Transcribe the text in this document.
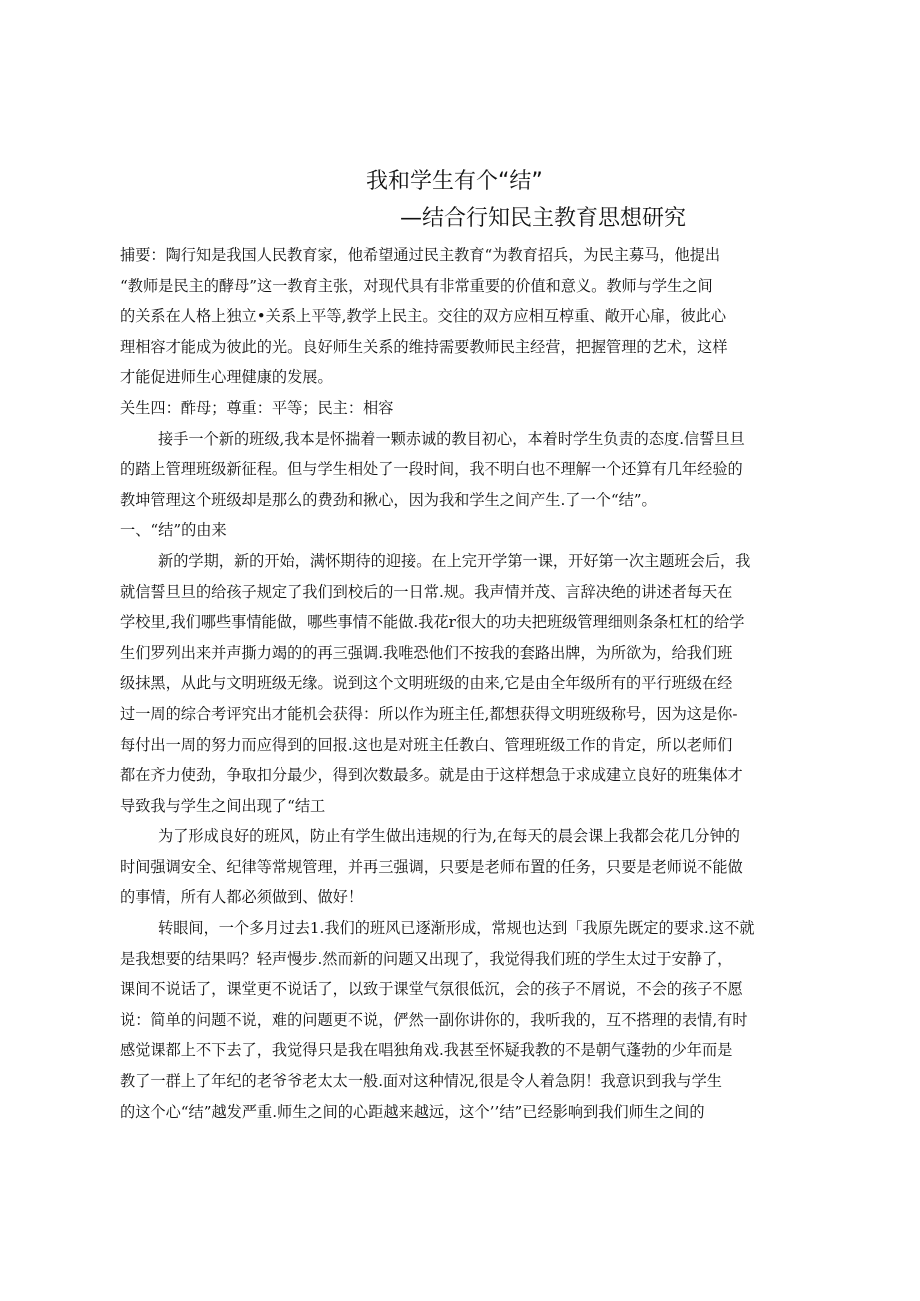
我和学生有个“结”
—结合行知民主教育思想研究
捕要：陶行知是我国人民教育家，他希望通过民主教育“为教育招兵，为民主募马，他提出
“教师是民主的酵母”这一教育主张，对现代具有非常重要的价值和意义。教师与学生之间
的关系在人格上独立•关系上平等,教学上民主。交往的双方应相互椁重、敞开心扉，彼此心
理相容才能成为彼此的光。良好师生关系的维持需要教师民主经营，把握管理的艺术，这样
才能促进师生心理健康的发展。
关生四：酢母；尊重：平等；民主：相容
接手一个新的班级,我本是怀揣着一颗赤诚的教目初心，本着时学生负责的态度.信誓旦旦
的踏上管理班级新征程。但与学生相处了一段时间，我不明白也不理解一个还算有几年经验的
教坤管理这个班级却是那么的费劲和揪心，因为我和学生之间产生.了一个“结”。
一、“结”的由来
新的学期，新的开始，满怀期待的迎接。在上完开学第一课，开好第一次主题班会后，我
就信誓旦旦的给孩子规定了我们到校后的一日常.规。我声情并茂、言辞决绝的讲述者每天在
学校里,我们哪些事情能做，哪些事情不能做.我花r很大的功夫把班级管理细则条条杠杠的给学
生们罗列出来并声撕力竭的的再三强调.我唯恐他们不按我的套路出牌，为所欲为，给我们班
级抹黑，从此与文明班级无缘。说到这个文明班级的由来,它是由全年级所有的平行班级在经
过一周的综合考评究出才能机会获得：所以作为班主任,都想获得文明班级称号，因为这是你-
每付出一周的努力而应得到的回报.这也是对班主任教白、管理班级工作的肯定，所以老师们
都在齐力使劲，争取扣分最少，得到次数最多。就是由于这样想急于求成建立良好的班集体才
导致我与学生之间出现了“结工
为了形成良好的班风，防止有学生做出违规的行为,在每天的晨会课上我都会花几分钟的
时间强调安全、纪律等常规管理，并再三强调，只要是老师布置的任务，只要是老师说不能做
的事情，所有人都必须做到、做好！
转眼间，一个多月过去1.我们的班风已逐渐形成，常规也达到「我原先既定的要求.这不就
是我想要的结果吗？轻声慢步.然而新的问题又出现了，我觉得我们班的学生太过于安静了，
课间不说话了，课堂更不说话了，以致于课堂气氛很低沉，会的孩子不屑说，不会的孩子不愿
说：简单的问题不说，难的问题更不说，俨然一副你讲你的，我听我的，互不搭理的表情,有时
感觉课都上不下去了，我觉得只是我在唱独角戏.我甚至怀疑我教的不是朝气蓬勃的少年而是
教了一群上了年纪的老爷爷老太太一般.面对这种情况,很是令人着急阴！我意识到我与学生
的这个心“结”越发严重.师生之间的心距越来越远，这个’’结”已经影响到我们师生之间的
